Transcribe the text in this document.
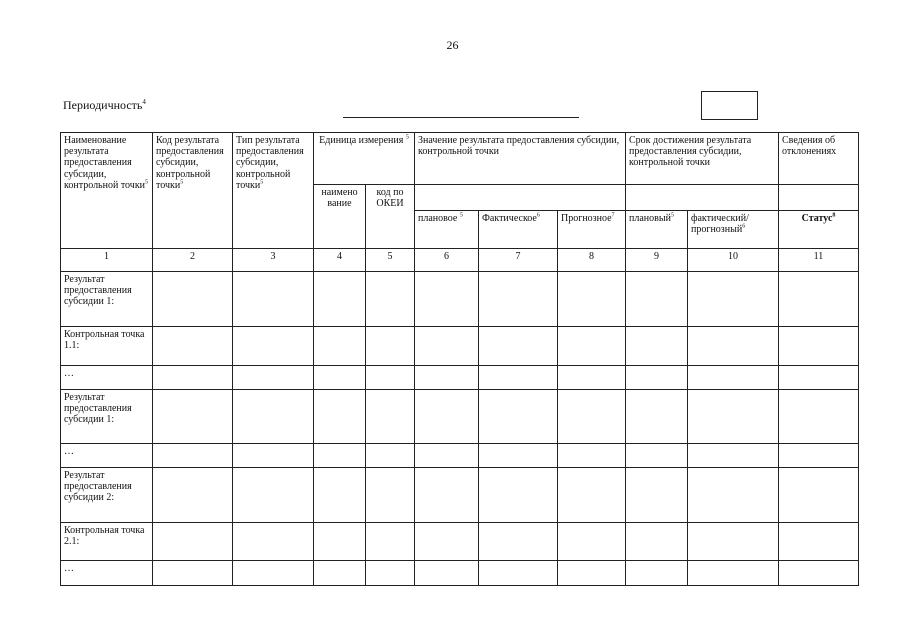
26
Периодичность$^4$
Наименование результата предоставления субсидии, контрольной точки$^5$	Код результата предоставления субсидии, контрольной точки$^5$	Тип результата предоставления субсидии, контрольной точки$^5$	Единица измерения $^5$		Значение результата предоставления субсидии, контрольной точки			Срок достижения результата предоставления субсидии, контрольной точки		Сведения об отклонениях
			наимено вание	код по ОКЕИ						
					плановое $^5$	Фактическое$^6$	Прогнозное$^7$	плановый$^5$	фактический/ прогнозный$^6$	Статус$^8$
1	2	3	4	5	6	7	8	9	10	11
Результат предоставления субсидии 1:										
Контрольная точка 1.1:										
…										
Результат предоставления субсидии 1:										
…										
Результат предоставления субсидии 2:										
Контрольная точка 2.1:										
…										
